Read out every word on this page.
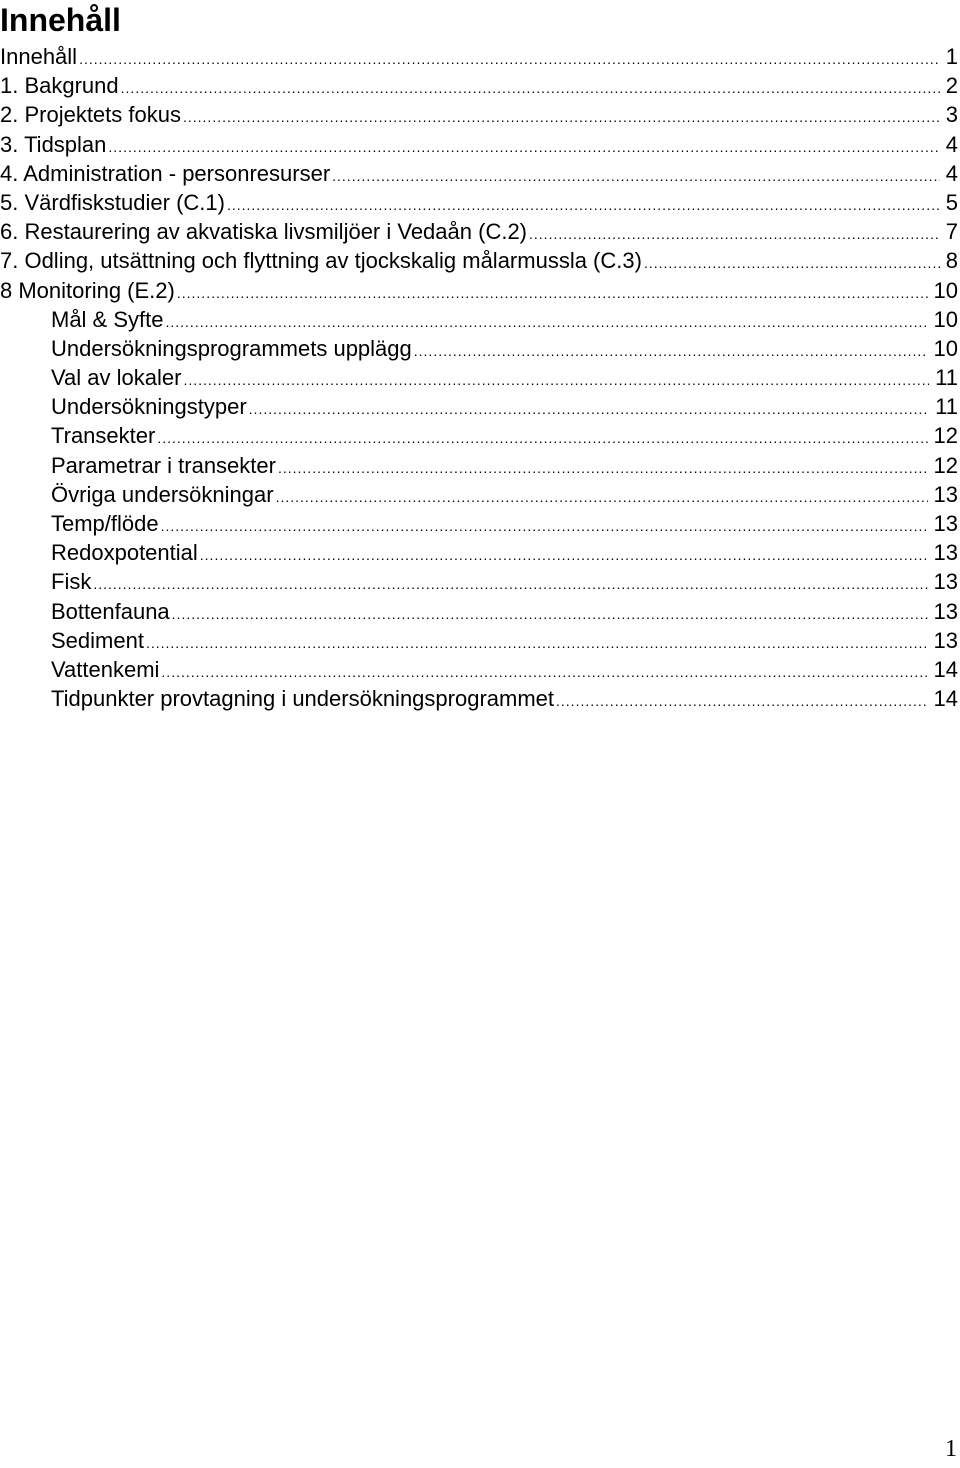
Innehåll
Innehåll .....	1
1. Bakgrund .....	2
2. Projektets fokus .....	3
3. Tidsplan .....	4
4. Administration - personresurser .....	4
5. Värdfiskstudier (C.1) .....	5
6. Restaurering av akvatiska livsmiljöer i Vedaån (C.2) .....	7
7. Odling, utsättning och flyttning av tjockskalig målarmussla (C.3) .....	8
8 Monitoring (E.2) .....	10
Mål & Syfte .....	10
Undersökningsprogrammets upplägg .....	10
Val av lokaler .....	11
Undersökningstyper .....	11
Transekter .....	12
Parametrar i transekter .....	12
Övriga undersökningar .....	13
Temp/flöde .....	13
Redoxpotential .....	13
Fisk .....	13
Bottenfauna .....	13
Sediment .....	13
Vattenkemi .....	14
Tidpunkter provtagning i undersökningsprogrammet .....	14
1
